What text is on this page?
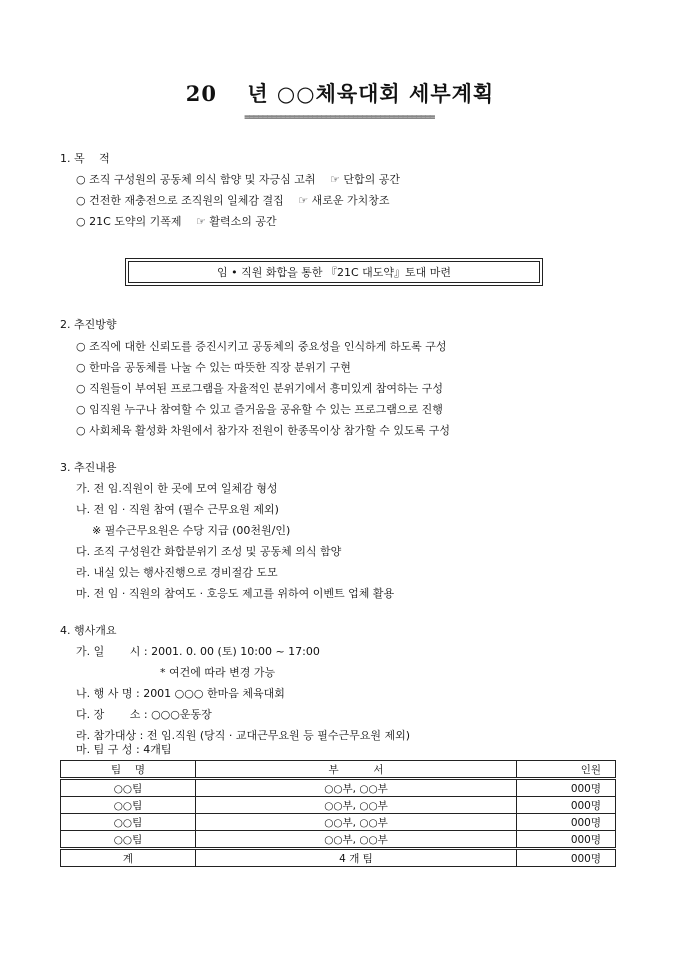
20　 년 ○○체육대회 세부계획
==========================================
1. 목　 적
○ 조직 구성원의 공동체 의식 함양 및 자긍심 고취　 ☞ 단합의 공간
○ 건전한 재충전으로 조직원의 일체감 결집　 ☞ 새로운 가치창조
○ 21C 도약의 기폭제　 ☞ 활력소의 공간
임 • 직원 화합을 통한 『21C 대도약』토대 마련
2. 추진방향
○ 조직에 대한 신뢰도를 증진시키고 공동체의 중요성을 인식하게 하도록 구성
○ 한마음 공동체를 나눌 수 있는 따뜻한 직장 분위기 구현
○ 직원들이 부여된 프로그램을 자율적인 분위기에서 흥미있게 참여하는 구성
○ 임직원 누구나 참여할 수 있고 즐거움을 공유할 수 있는 프로그램으로 진행
○ 사회체육 활성화 차원에서 참가자 전원이 한종목이상 참가할 수 있도록 구성
3. 추진내용
가. 전 임.직원이 한 곳에 모여 일체감 형성
나. 전 임 · 직원 참여 (필수 근무요원 제외)
※ 필수근무요원은 수당 지급 (00천원/인)
다. 조직 구성원간 화합분위기 조성 및 공동체 의식 함양
라. 내실 있는 행사진행으로 경비절감 도모
마. 전 임 · 직원의 참여도 · 호응도 제고를 위하여 이벤트 업체 활용
4. 행사개요
가. 일　　 시 : 2001. 0. 00 (토) 10:00 ~ 17:00
* 여건에 따라 변경 가능
나. 행 사 명 : 2001 ○○○ 한마음 체육대회
다. 장　　 소 : ○○○운동장
라. 참가대상 : 전 임.직원 (당직 · 교대근무요원 등 필수근무요원 제외)
마. 팀 구 성 : 4개팀
팀　 명	부　　　 서	인원
○○팀	○○부, ○○부	000명
○○팀	○○부, ○○부	000명
○○팀	○○부, ○○부	000명
○○팀	○○부, ○○부	000명
계	4 개 팀	000명
